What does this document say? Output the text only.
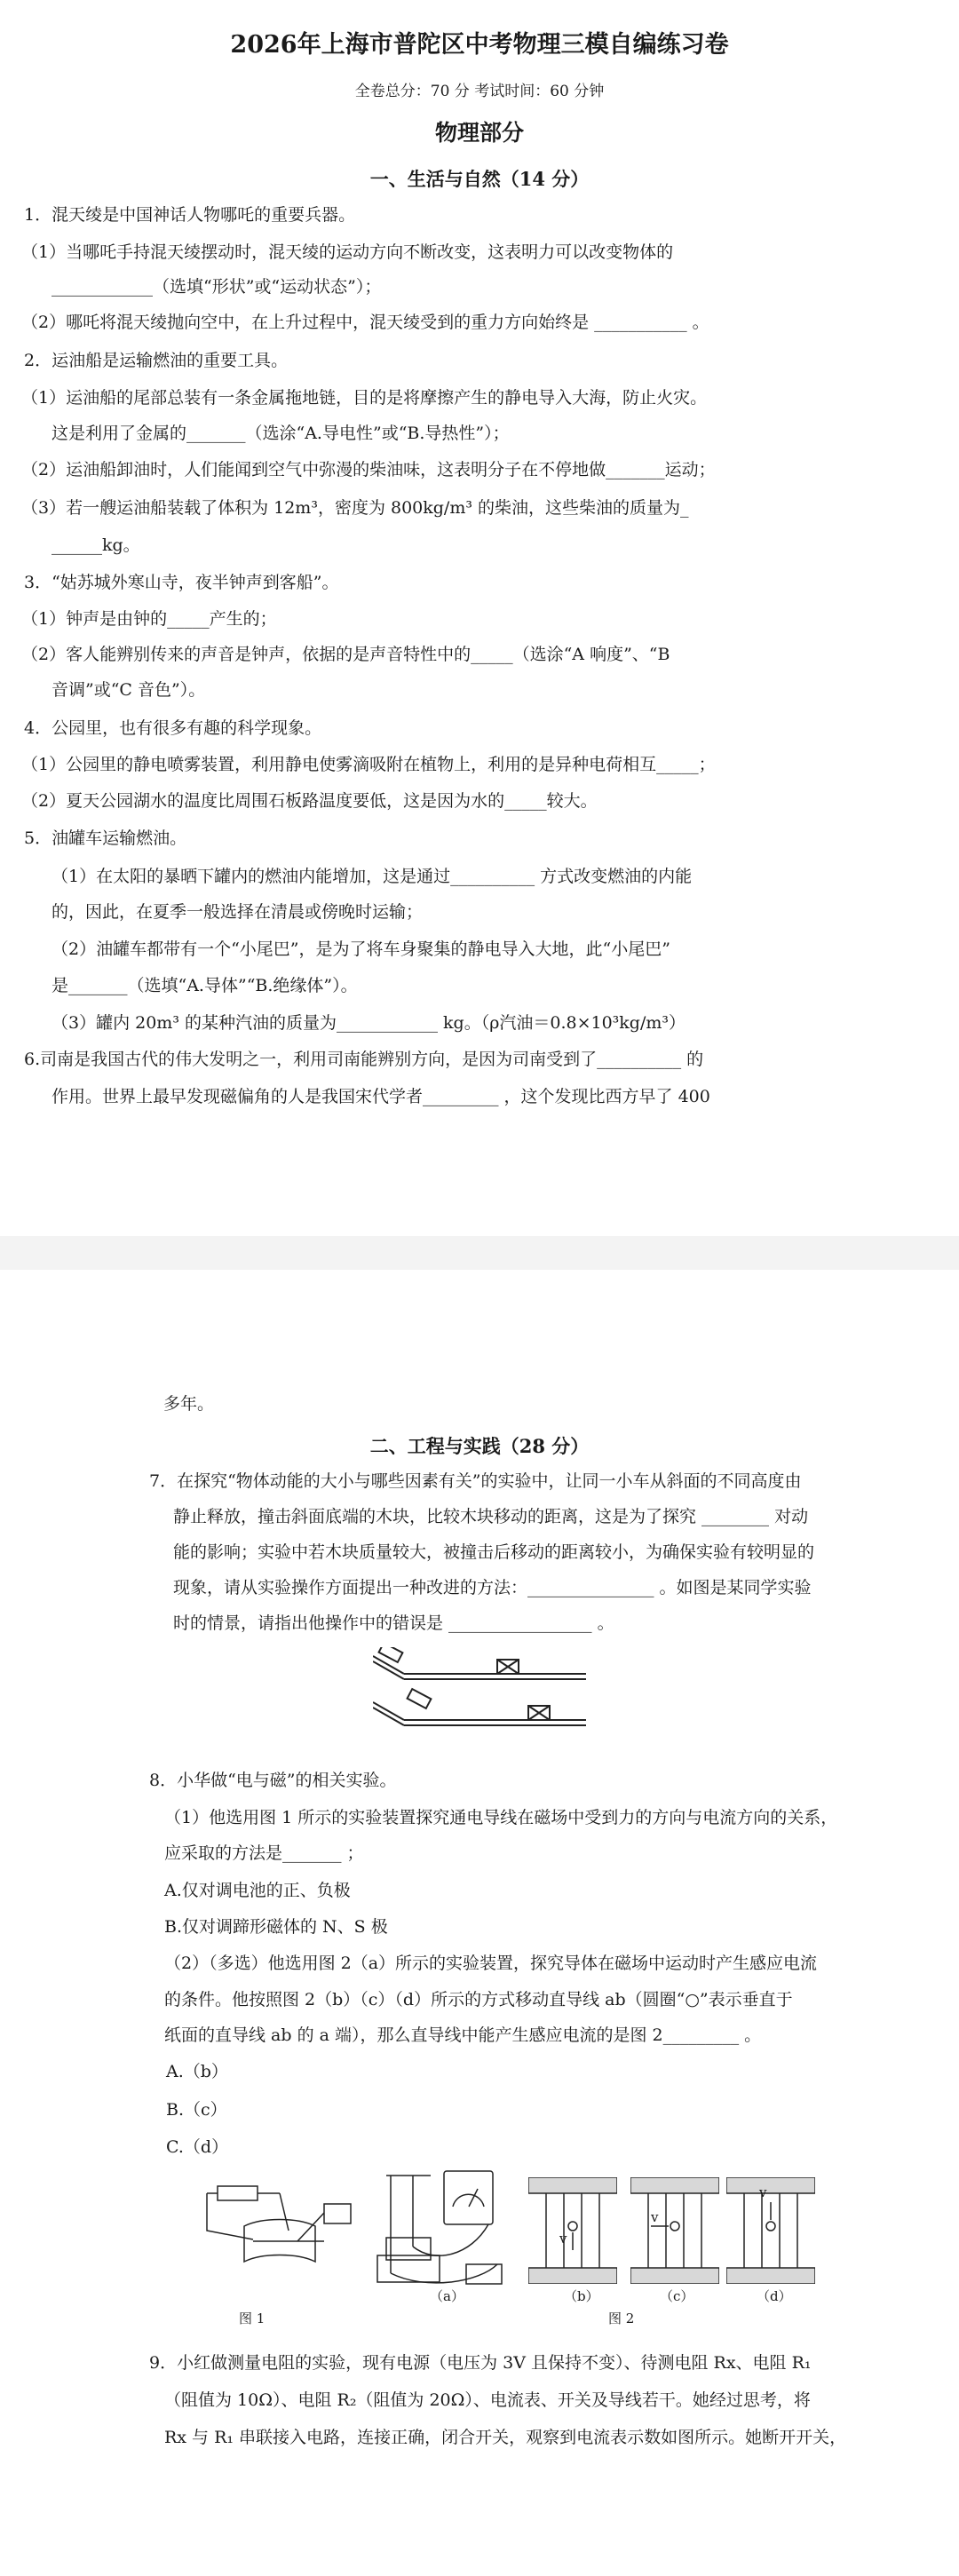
2026年上海市普陀区中考物理三模自编练习卷
全卷总分：70 分 考试时间：60 分钟
物理部分
一、生活与自然（14 分）
1．混天绫是中国神话人物哪吒的重要兵器。
（1）当哪吒手持混天绫摆动时，混天绫的运动方向不断改变，这表明力可以改变物体的
____________（选填“形状”或“运动状态”）；
（2）哪吒将混天绫抛向空中，在上升过程中，混天绫受到的重力方向始终是 ___________ 。
2．运油船是运输燃油的重要工具。
（1）运油船的尾部总装有一条金属拖地链，目的是将摩擦产生的静电导入大海，防止火灾。
这是利用了金属的_______（选涂“A.导电性”或“B.导热性”）；
（2）运油船卸油时，人们能闻到空气中弥漫的柴油味，这表明分子在不停地做_______运动；
（3）若一艘运油船装载了体积为 12m³，密度为 800kg/m³ 的柴油，这些柴油的质量为_
______kg。
3．“姑苏城外寒山寺，夜半钟声到客船”。
（1）钟声是由钟的_____产生的；
（2）客人能辨别传来的声音是钟声，依据的是声音特性中的_____（选涂“A 响度”、“B
音调”或“C 音色”）。
4．公园里，也有很多有趣的科学现象。
（1）公园里的静电喷雾装置，利用静电使雾滴吸附在植物上，利用的是异种电荷相互_____；
（2）夏天公园湖水的温度比周围石板路温度要低，这是因为水的_____较大。
5．油罐车运输燃油。
（1）在太阳的暴晒下罐内的燃油内能增加，这是通过__________ 方式改变燃油的内能
的，因此，在夏季一般选择在清晨或傍晚时运输；
（2）油罐车都带有一个“小尾巴”，是为了将车身聚集的静电导入大地，此“小尾巴”
是_______（选填“A.导体”“B.绝缘体”）。
（3）罐内 20m³ 的某种汽油的质量为____________ kg。（ρ汽油＝0.8×10³kg/m³）
6.司南是我国古代的伟大发明之一，利用司南能辨别方向，是因为司南受到了__________ 的
作用。世界上最早发现磁偏角的人是我国宋代学者_________ ，这个发现比西方早了 400
多年。
二、工程与实践（28 分）
7．在探究“物体动能的大小与哪些因素有关”的实验中，让同一小车从斜面的不同高度由
静止释放，撞击斜面底端的木块，比较木块移动的距离，这是为了探究 ________ 对动
能的影响；实验中若木块质量较大，被撞击后移动的距离较小，为确保实验有较明显的
现象，请从实验操作方面提出一种改进的方法：_______________ 。如图是某同学实验
时的情景，请指出他操作中的错误是 _________________ 。
8．小华做“电与磁”的相关实验。
（1）他选用图 1 所示的实验装置探究通电导线在磁场中受到力的方向与电流方向的关系，
应采取的方法是_______ ；
A.仅对调电池的正、负极
B.仅对调蹄形磁体的 N、S 极
（2）（多选）他选用图 2（a）所示的实验装置，探究导体在磁场中运动时产生感应电流
的条件。他按照图 2（b）（c）（d）所示的方式移动直导线 ab（圆圈“○”表示垂直于
纸面的直导线 ab 的 a 端），那么直导线中能产生感应电流的是图 2_________ 。
A.（b）
B.（c）
C.（d）
图 1
（a）	（b）
v
（c）
v
（d）
v
图 2
9．小红做测量电阻的实验，现有电源（电压为 3V 且保持不变）、待测电阻 Rx、电阻 R₁
（阻值为 10Ω）、电阻 R₂（阻值为 20Ω）、电流表、开关及导线若干。她经过思考，将
Rx 与 R₁ 串联接入电路，连接正确，闭合开关，观察到电流表示数如图所示。她断开开关，
